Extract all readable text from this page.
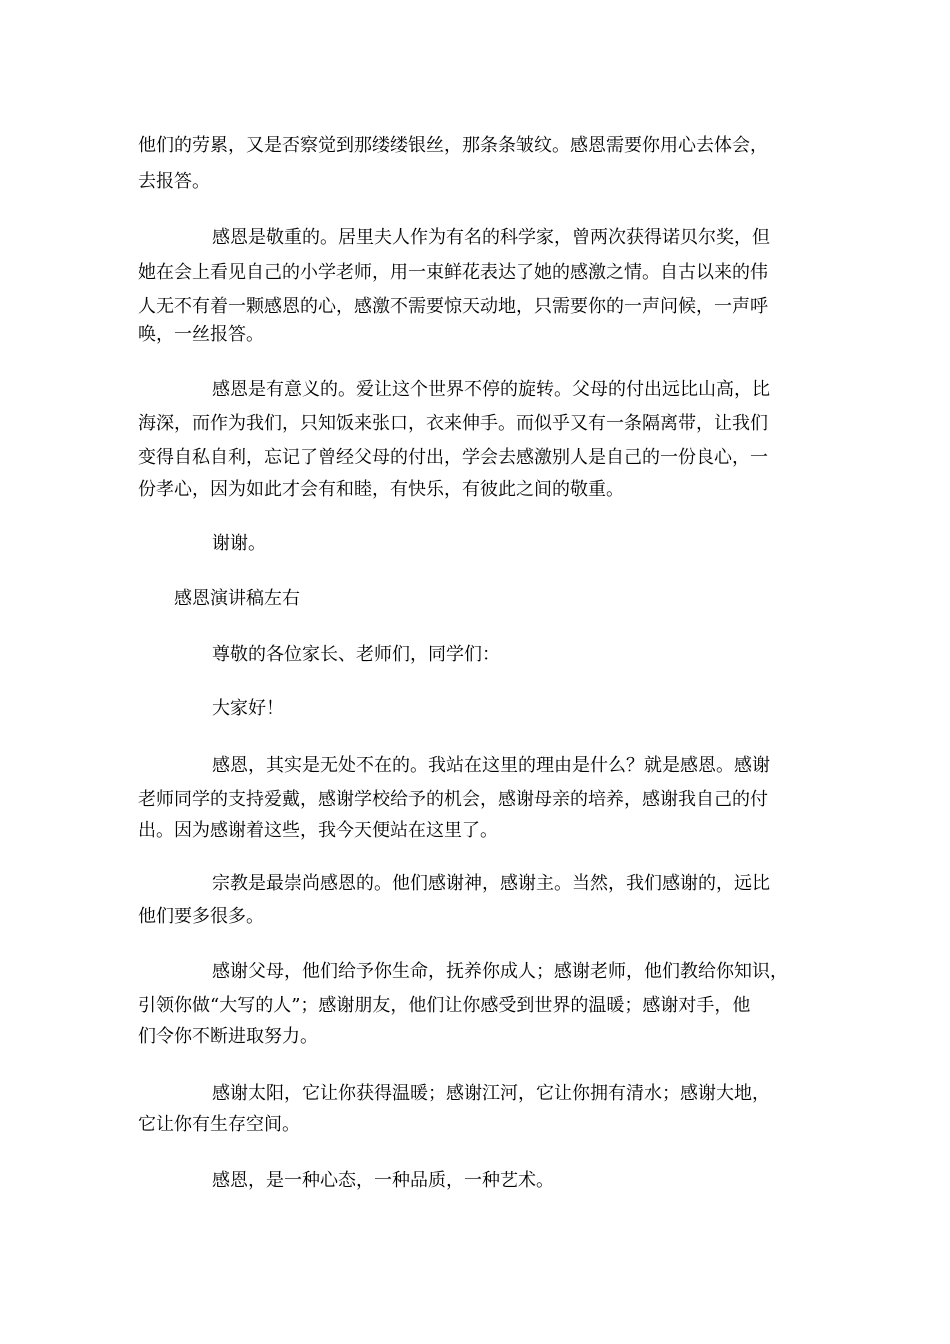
他们的劳累，又是否察觉到那缕缕银丝，那条条皱纹。感恩需要你用心去体会，
去报答。
感恩是敬重的。居里夫人作为有名的科学家，曾两次获得诺贝尔奖，但
她在会上看见自己的小学老师，用一束鲜花表达了她的感激之情。自古以来的伟
人无不有着一颗感恩的心，感激不需要惊天动地，只需要你的一声问候，一声呼
唤，一丝报答。
感恩是有意义的。爱让这个世界不停的旋转。父母的付出远比山高，比
海深，而作为我们，只知饭来张口，衣来伸手。而似乎又有一条隔离带，让我们
变得自私自利，忘记了曾经父母的付出，学会去感激别人是自己的一份良心，一
份孝心，因为如此才会有和睦，有快乐，有彼此之间的敬重。
谢谢。
感恩演讲稿左右
尊敬的各位家长、老师们，同学们：
大家好！
感恩，其实是无处不在的。我站在这里的理由是什么？就是感恩。感谢
老师同学的支持爱戴，感谢学校给予的机会，感谢母亲的培养，感谢我自己的付
出。因为感谢着这些，我今天便站在这里了。
宗教是最崇尚感恩的。他们感谢神，感谢主。当然，我们感谢的，远比
他们要多很多。
感谢父母，他们给予你生命，抚养你成人；感谢老师，他们教给你知识，
引领你做“大写的人”；感谢朋友，他们让你感受到世界的温暖；感谢对手，他
们令你不断进取努力。
感谢太阳，它让你获得温暖；感谢江河，它让你拥有清水；感谢大地，
它让你有生存空间。
感恩，是一种心态，一种品质，一种艺术。
